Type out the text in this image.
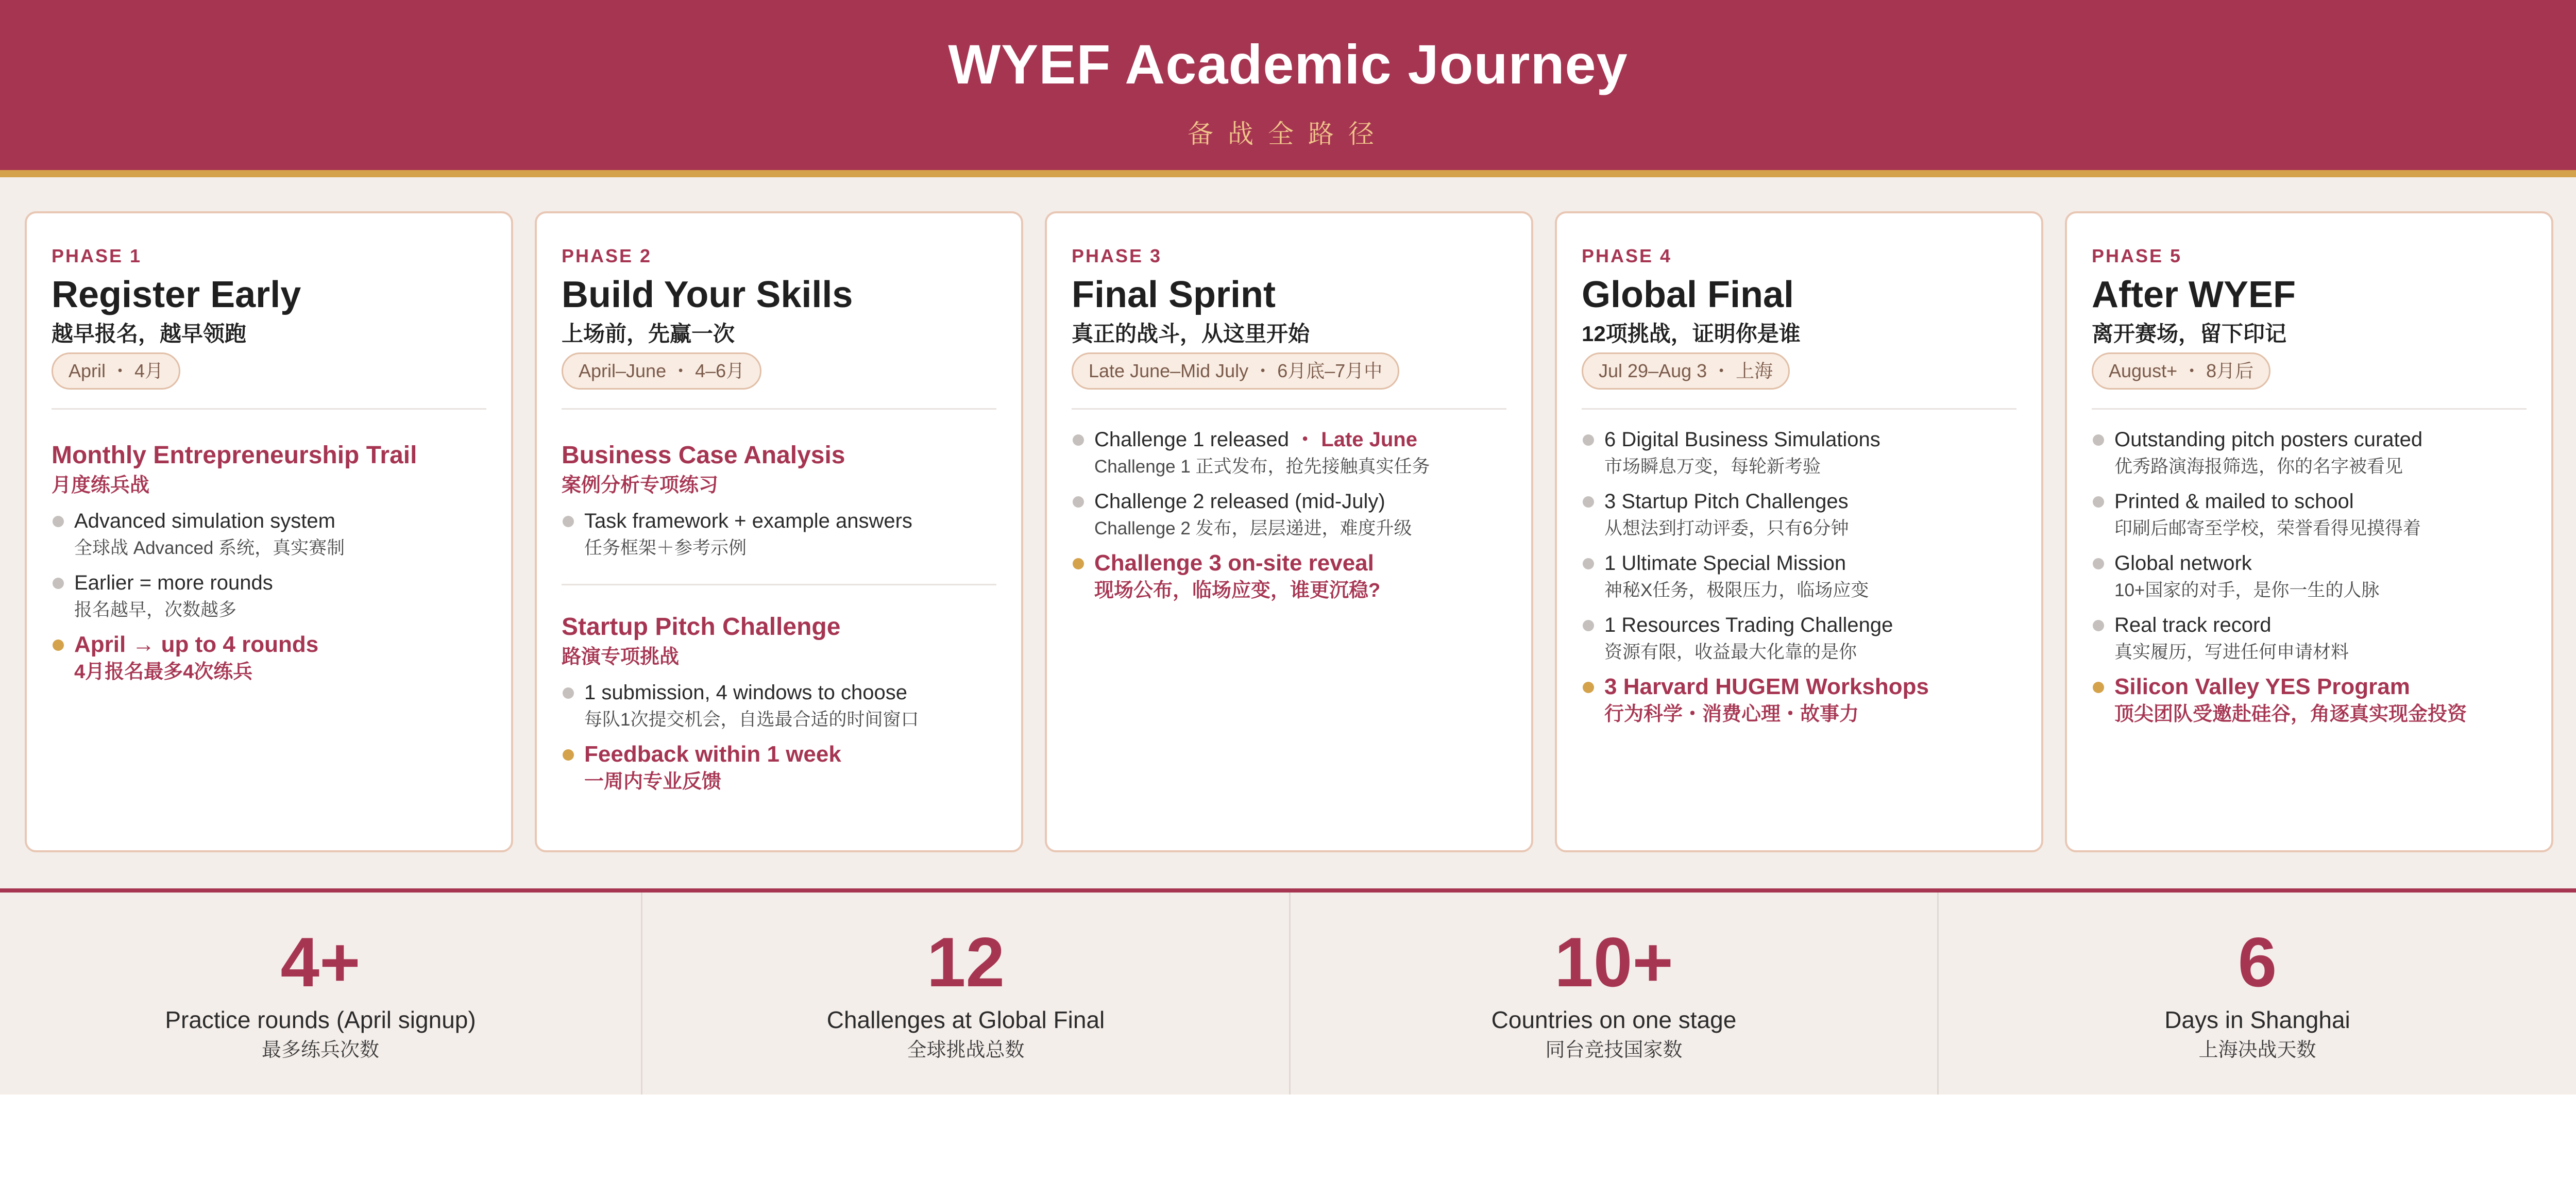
WYEF Academic Journey
备战全路径
PHASE 1
Register Early
越早报名，越早领跑
April ・ 4月
Monthly Entrepreneurship Trail
月度练兵战
Advanced simulation system
全球战 Advanced 系统，真实赛制
Earlier = more rounds
报名越早，次数越多
April → up to 4 rounds
4月报名最多4次练兵
PHASE 2
Build Your Skills
上场前，先赢一次
April–June ・ 4–6月
Business Case Analysis
案例分析专项练习
Task framework + example answers
任务框架＋参考示例
Startup Pitch Challenge
路演专项挑战
1 submission, 4 windows to choose
每队1次提交机会，自选最合适的时间窗口
Feedback within 1 week
一周内专业反馈
PHASE 3
Final Sprint
真正的战斗，从这里开始
Late June–Mid July ・ 6月底–7月中
Challenge 1 released ・ Late June
Challenge 1 正式发布，抢先接触真实任务
Challenge 2 released (mid-July)
Challenge 2 发布，层层递进，难度升级
Challenge 3 on-site reveal
现场公布，临场应变，谁更沉稳?
PHASE 4
Global Final
12项挑战，证明你是谁
Jul 29–Aug 3 ・ 上海
6 Digital Business Simulations
市场瞬息万变，每轮新考验
3 Startup Pitch Challenges
从想法到打动评委，只有6分钟
1 Ultimate Special Mission
神秘X任务，极限压力，临场应变
1 Resources Trading Challenge
资源有限，收益最大化靠的是你
3 Harvard HUGEM Workshops
行为科学・消费心理・故事力
PHASE 5
After WYEF
离开赛场，留下印记
August+ ・ 8月后
Outstanding pitch posters curated
优秀路演海报筛选，你的名字被看见
Printed & mailed to school
印刷后邮寄至学校，荣誉看得见摸得着
Global network
10+国家的对手，是你一生的人脉
Real track record
真实履历，写进任何申请材料
Silicon Valley YES Program
顶尖团队受邀赴硅谷，角逐真实现金投资
4+
Practice rounds (April signup)
最多练兵次数
12
Challenges at Global Final
全球挑战总数
10+
Countries on one stage
同台竞技国家数
6
Days in Shanghai
上海决战天数
